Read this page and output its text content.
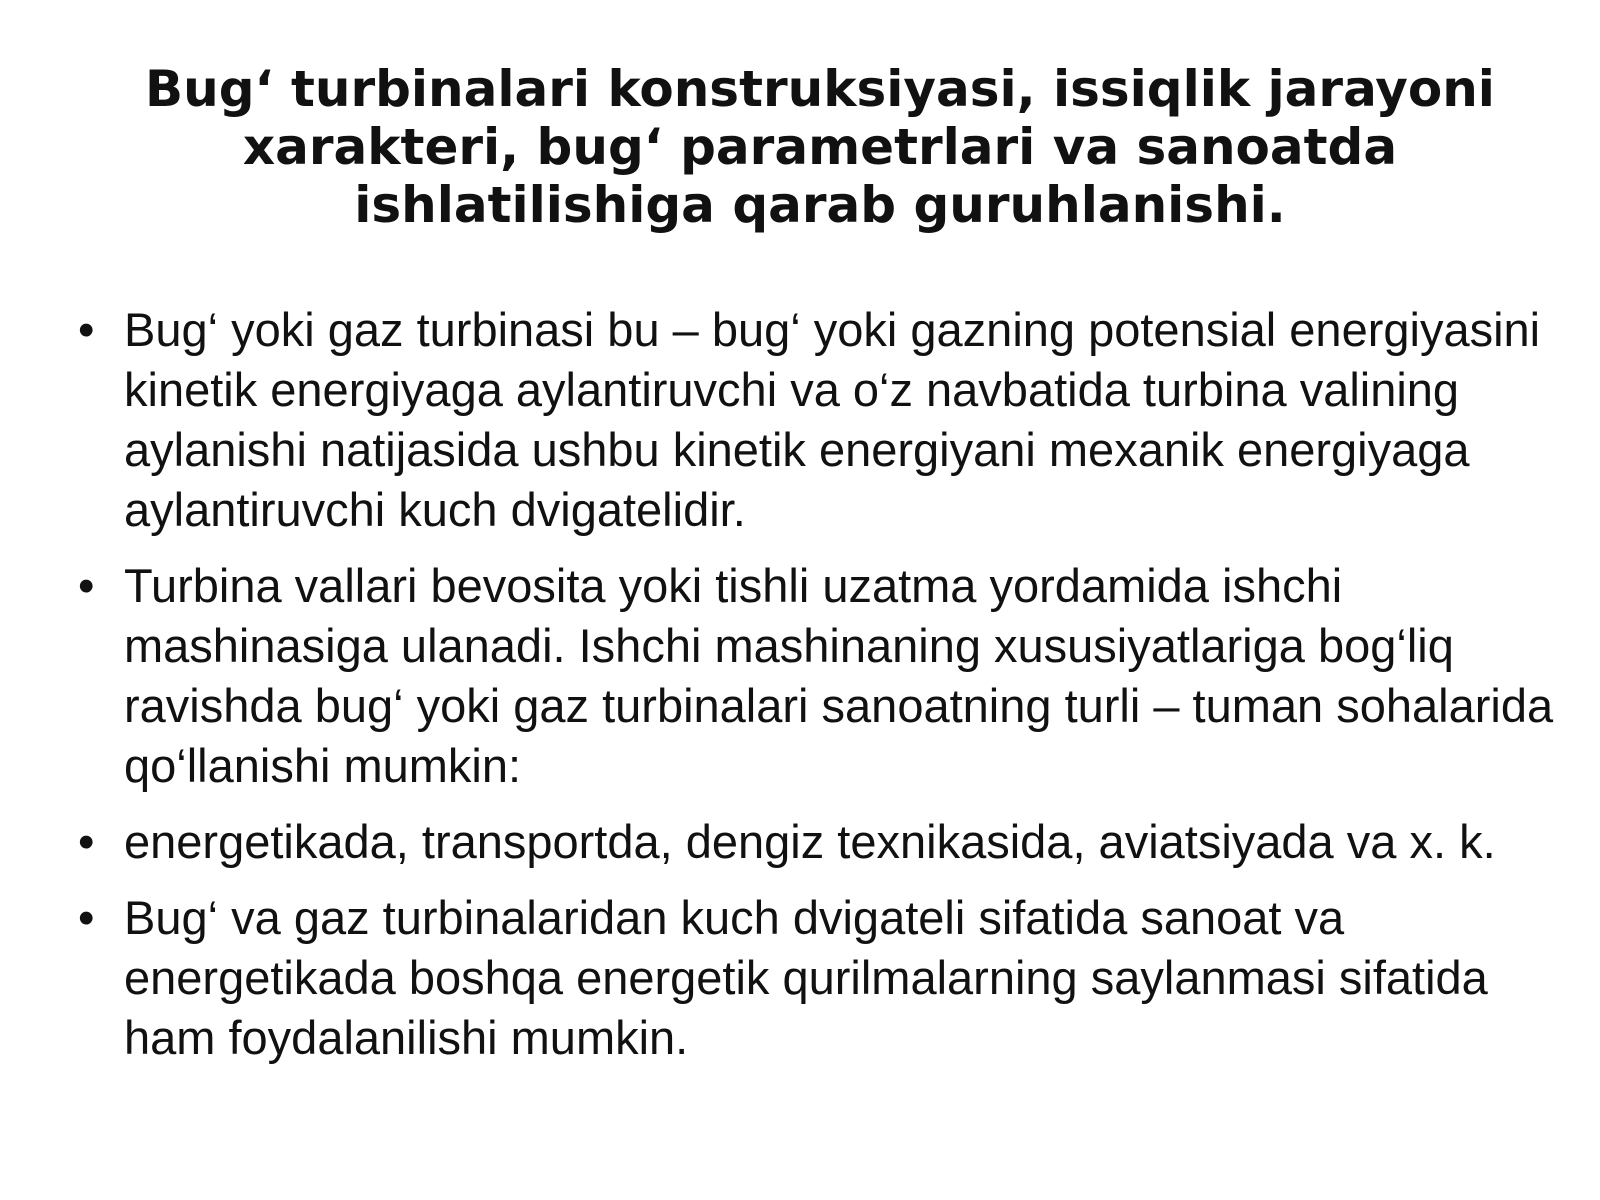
Bug‘ turbinalari konstruksiyasi, issiqlik jarayoni xarakteri, bug‘ parametrlari va sanoatda ishlatilishiga qarab guruhlanishi.
• Bug‘ yoki gaz turbinasi bu – bug‘ yoki gazning potensial energiyasini kinetik energiyaga aylantiruvchi va o‘z navbatida turbina valining aylanishi natijasida ushbu kinetik energiyani mexanik energiyaga aylantiruvchi kuch dvigatelidir.
• Turbina vallari bevosita yoki tishli uzatma yordamida ishchi mashinasiga ulanadi. Ishchi mashinaning xususiyatlariga bog‘liq ravishda bug‘ yoki gaz turbinalari sanoatning turli – tuman sohalarida qo‘llanishi mumkin:
• energetikada, transportda, dengiz texnikasida, aviatsiyada va x. k.
• Bug‘ va gaz turbinalaridan kuch dvigateli sifatida sanoat va energetikada boshqa energetik qurilmalarning saylanmasi sifatida ham foydalanilishi mumkin.
